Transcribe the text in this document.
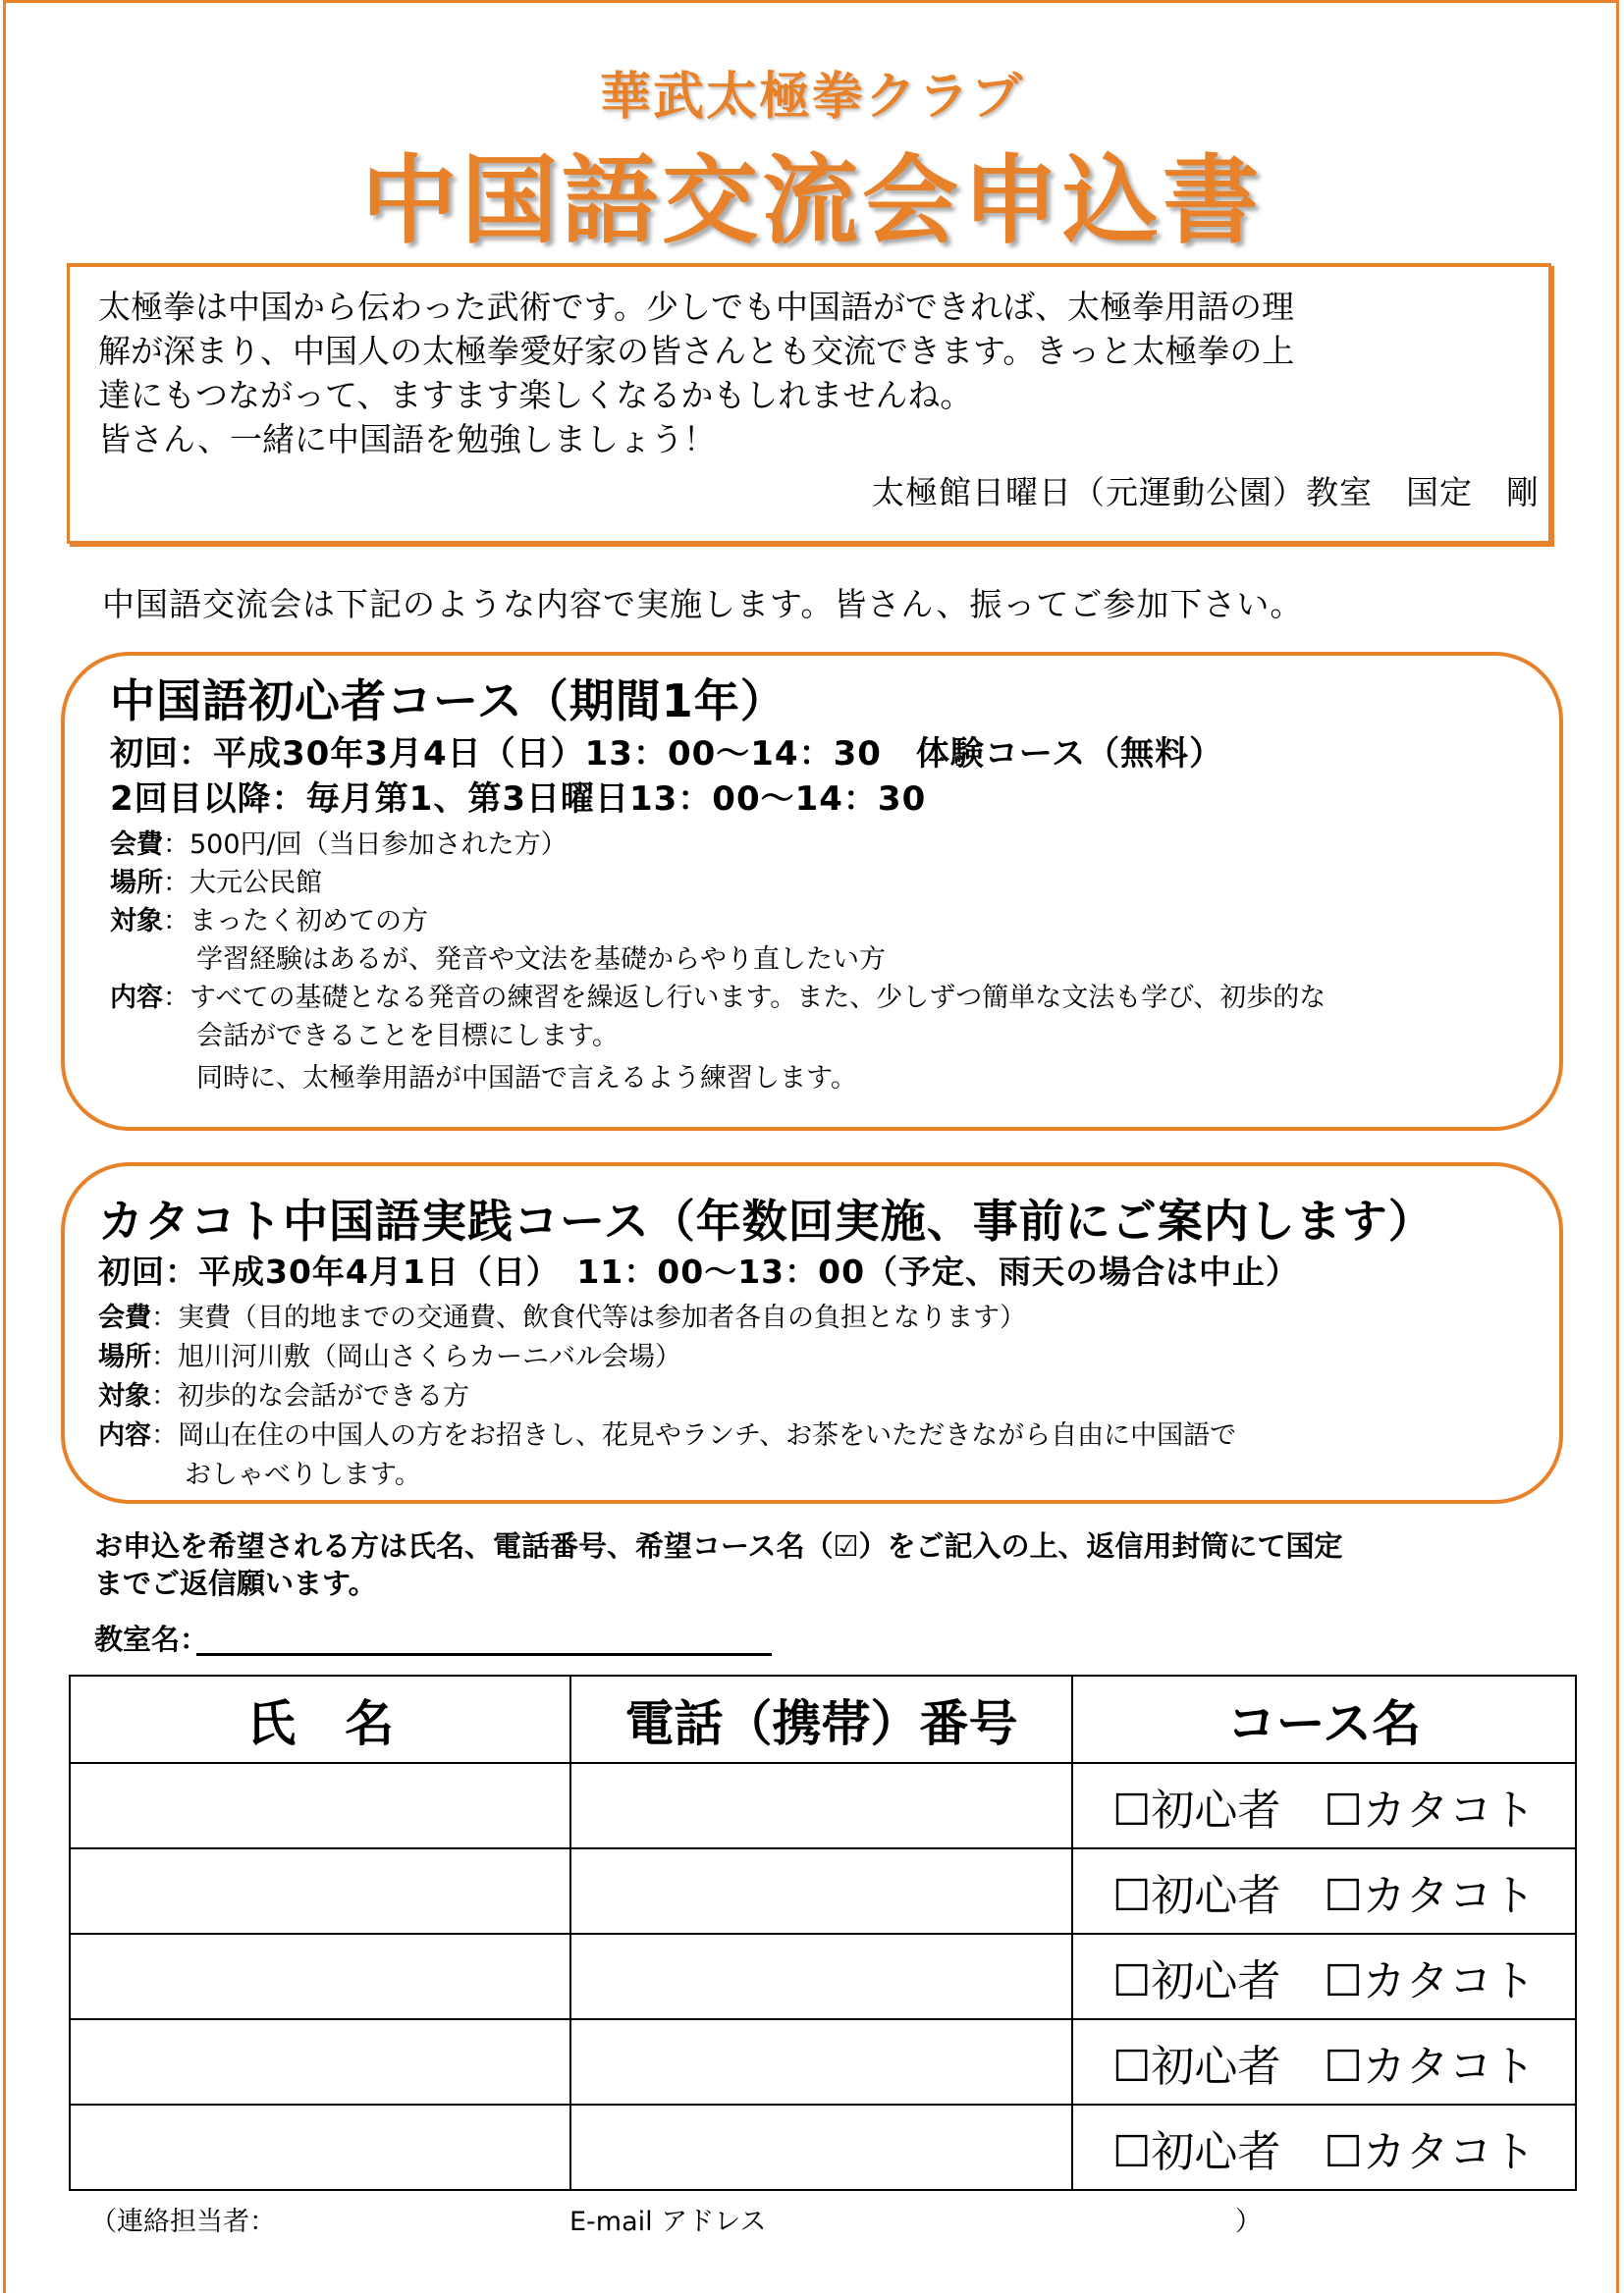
華武太極拳クラブ
中国語交流会申込書
太極拳は中国から伝わった武術です。少しでも中国語ができれば、太極拳用語の理
解が深まり、中国人の太極拳愛好家の皆さんとも交流できます。きっと太極拳の上
達にもつながって、ますます楽しくなるかもしれませんね。
皆さん、一緒に中国語を勉強しましょう！
太極館日曜日（元運動公園）教室　国定　剛
中国語交流会は下記のような内容で実施します。皆さん、振ってご参加下さい。
中国語初心者コース（期間1年）
初回：平成30年3月4日（日）13：00～14：30　体験コース（無料）
2回目以降：毎月第1、第3日曜日13：00～14：30
会費：500円/回（当日参加された方）
場所：大元公民館
対象：まったく初めての方
学習経験はあるが、発音や文法を基礎からやり直したい方
内容：すべての基礎となる発音の練習を繰返し行います。また、少しずつ簡単な文法も学び、初歩的な
会話ができることを目標にします。
同時に、太極拳用語が中国語で言えるよう練習します。
カタコト中国語実践コース（年数回実施、事前にご案内します）
初回：平成30年4月1日（日）　11：00～13：00（予定、雨天の場合は中止）
会費：実費（目的地までの交通費、飲食代等は参加者各自の負担となります）
場所：旭川河川敷（岡山さくらカーニバル会場）
対象：初歩的な会話ができる方
内容：岡山在住の中国人の方をお招きし、花見やランチ、お茶をいただきながら自由に中国語で
おしゃべりします。
お申込を希望される方は氏名、電話番号、希望コース名（☑）をご記入の上、返信用封筒にて国定
までご返信願います。
教室名：
氏　名	電話（携帯）番号	コース名
		☐初心者　☐カタコト
		☐初心者　☐カタコト
		☐初心者　☐カタコト
		☐初心者　☐カタコト
		☐初心者　☐カタコト
（連絡担当者：	E-mail アドレス	）
